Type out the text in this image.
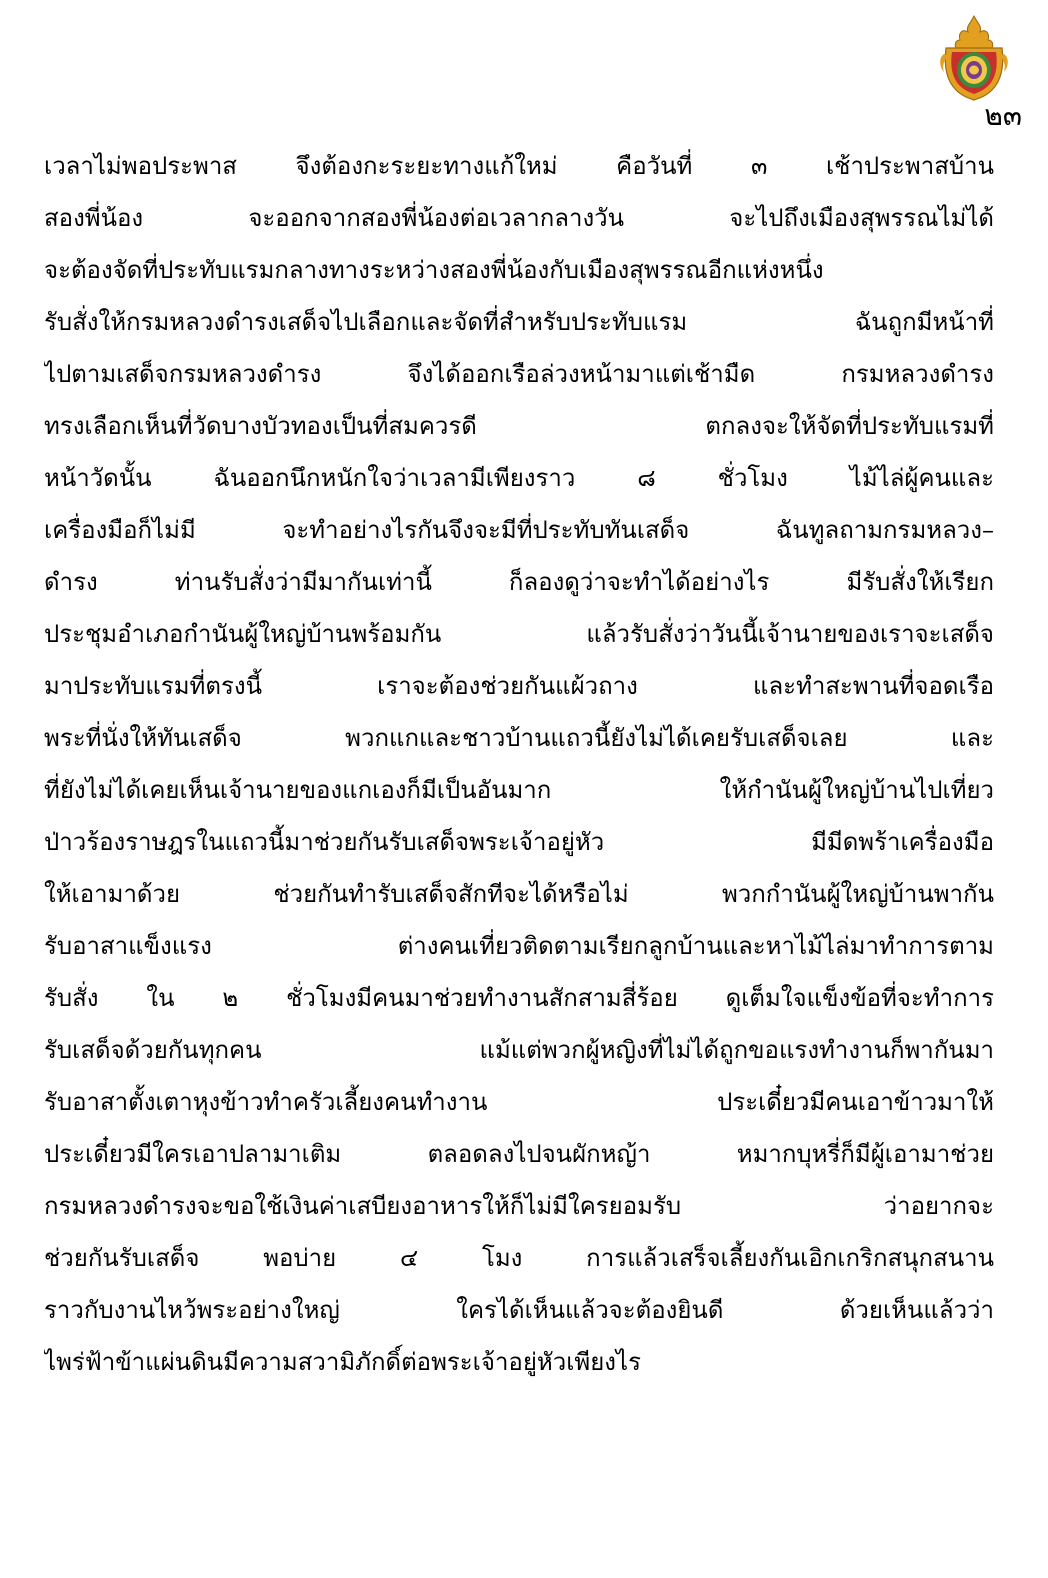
๒๓
เวลาไม่พอประพาส จึงต้องกะระยะทางแก้ใหม่ คือวันที่ ๓ เช้าประพาสบ้าน
สองพี่น้อง จะออกจากสองพี่น้องต่อเวลากลางวัน จะไปถึงเมืองสุพรรณไม่ได้
จะต้องจัดที่ประทับแรมกลางทางระหว่างสองพี่น้องกับเมืองสุพรรณอีกแห่งหนึ่ง
รับสั่งให้กรมหลวงดำรงเสด็จไปเลือกและจัดที่สำหรับประทับแรม ฉันถูกมีหน้าที่
ไปตามเสด็จกรมหลวงดำรง จึงได้ออกเรือล่วงหน้ามาแต่เช้ามืด กรมหลวงดำรง
ทรงเลือกเห็นที่วัดบางบัวทองเป็นที่สมควรดี ตกลงจะให้จัดที่ประทับแรมที่
หน้าวัดนั้น ฉันออกนึกหนักใจว่าเวลามีเพียงราว ๘ ชั่วโมง ไม้ไล่ผู้คนและ
เครื่องมือก็ไม่มี จะทำอย่างไรกันจึงจะมีที่ประทับทันเสด็จ ฉันทูลถามกรมหลวง–
ดำรง ท่านรับสั่งว่ามีมากันเท่านี้ ก็ลองดูว่าจะทำได้อย่างไร มีรับสั่งให้เรียก
ประชุมอำเภอกำนันผู้ใหญ่บ้านพร้อมกัน แล้วรับสั่งว่าวันนี้เจ้านายของเราจะเสด็จ
มาประทับแรมที่ตรงนี้ เราจะต้องช่วยกันแผ้วถาง และทำสะพานที่จอดเรือ
พระที่นั่งให้ทันเสด็จ พวกแกและชาวบ้านแถวนี้ยังไม่ได้เคยรับเสด็จเลย และ
ที่ยังไม่ได้เคยเห็นเจ้านายของแกเองก็มีเป็นอันมาก ให้กำนันผู้ใหญ่บ้านไปเที่ยว
ป่าวร้องราษฎรในแถวนี้มาช่วยกันรับเสด็จพระเจ้าอยู่หัว มีมีดพร้าเครื่องมือ
ให้เอามาด้วย ช่วยกันทำรับเสด็จสักทีจะได้หรือไม่ พวกกำนันผู้ใหญ่บ้านพากัน
รับอาสาแข็งแรง ต่างคนเที่ยวติดตามเรียกลูกบ้านและหาไม้ไล่มาทำการตาม
รับสั่ง ใน ๒ ชั่วโมงมีคนมาช่วยทำงานสักสามสี่ร้อย ดูเต็มใจแข็งข้อที่จะทำการ
รับเสด็จด้วยกันทุกคน แม้แต่พวกผู้หญิงที่ไม่ได้ถูกขอแรงทำงานก็พากันมา
รับอาสาตั้งเตาหุงข้าวทำครัวเลี้ยงคนทำงาน ประเดี๋ยวมีคนเอาข้าวมาให้
ประเดี๋ยวมีใครเอาปลามาเติม ตลอดลงไปจนผักหญ้า หมากบุหรี่ก็มีผู้เอามาช่วย
กรมหลวงดำรงจะขอใช้เงินค่าเสบียงอาหารให้ก็ไม่มีใครยอมรับ ว่าอยากจะ
ช่วยกันรับเสด็จ พอบ่าย ๔ โมง การแล้วเสร็จเลี้ยงกันเอิกเกริกสนุกสนาน
ราวกับงานไหว้พระอย่างใหญ่ ใครได้เห็นแล้วจะต้องยินดี ด้วยเห็นแล้วว่า
ไพร่ฟ้าข้าแผ่นดินมีความสวามิภักดิ์ต่อพระเจ้าอยู่หัวเพียงไร
